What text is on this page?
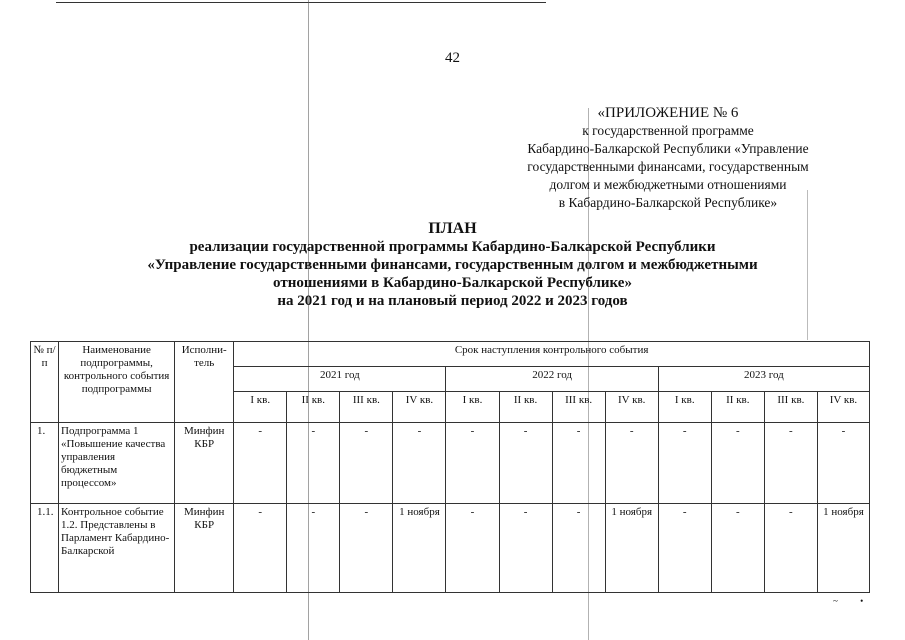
42
«ПРИЛОЖЕНИЕ № 6
к государственной программе
Кабардино-Балкарской Республики «Управление
государственными финансами, государственным
долгом и межбюджетными отношениями
в Кабардино-Балкарской Республике»
ПЛАН
реализации государственной программы Кабардино-Балкарской Республики
«Управление государственными финансами, государственным долгом и межбюджетными
отношениями в Кабардино-Балкарской Республике»
на 2021 год и на плановый период 2022 и 2023 годов
№ п/п	Наименование подпрограммы, контрольного события подпрограммы	Исполни-тель	Срок наступления контрольного события											
			2021 год				2022 год				2023 год			
			I кв.	II кв.	III кв.	IV кв.	I кв.	II кв.	III кв.	IV кв.	I кв.	II кв.	III кв.	IV кв.
1.	Подпрограмма 1 «Повышение качества управления бюджетным процессом»	Минфин КБР	-	-	-	-	-	-	-	-	-	-	-	-
1.1.	Контрольное событие 1.2. Представлены в Парламент Кабардино-Балкарской	Минфин КБР	-	-	-	1 ноября	-	-	-	1 ноября	-	-	-	1 ноября
~ •
